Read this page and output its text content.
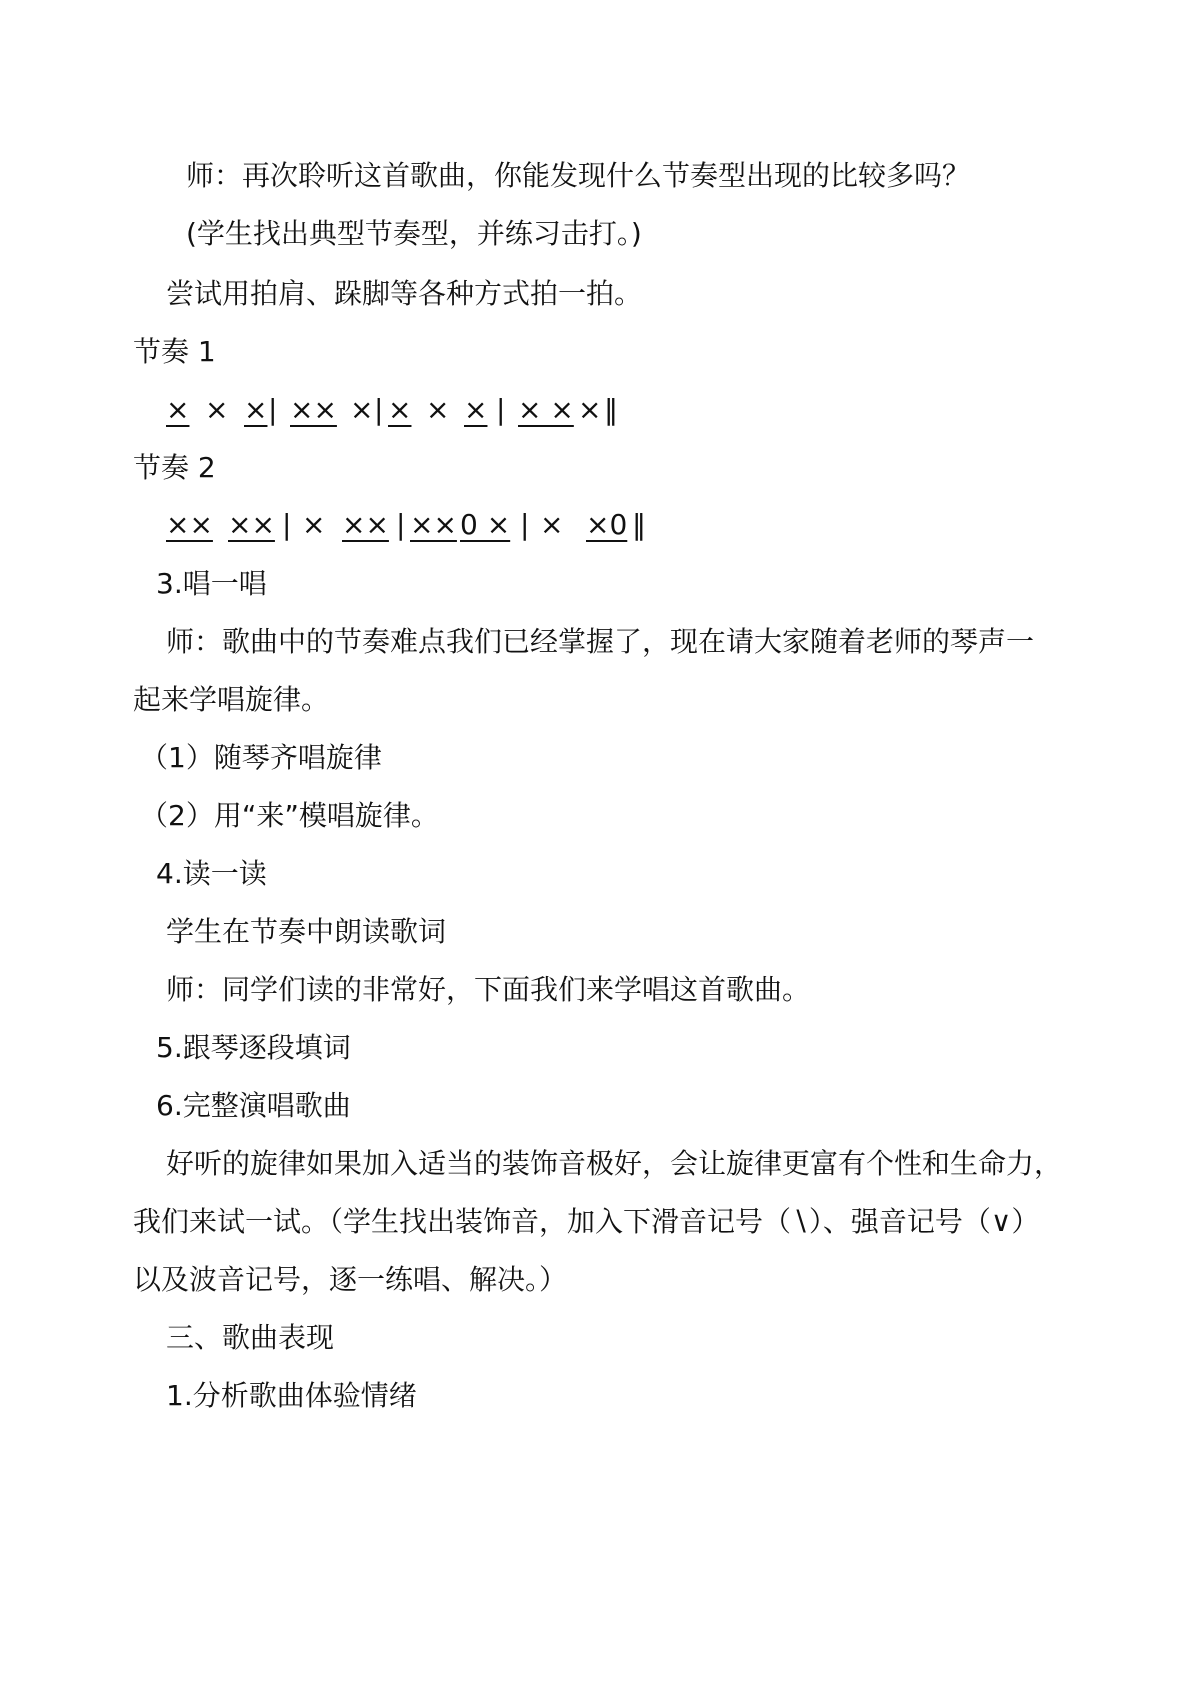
师：再次聆听这首歌曲，你能发现什么节奏型出现的比较多吗？
(学生找出典型节奏型，并练习击打。)
尝试用拍肩、跺脚等各种方式拍一拍。
节奏 1
× × × | ×× × | × × × | × × × ‖
节奏 2
×× ×× | × ×× | ×× 0 × | × ×0 ‖
3.唱一唱
师：歌曲中的节奏难点我们已经掌握了，现在请大家随着老师的琴声一
起来学唱旋律。
（1）随琴齐唱旋律
（2）用“来”模唱旋律。
4.读一读
学生在节奏中朗读歌词
师：同学们读的非常好，下面我们来学唱这首歌曲。
5.跟琴逐段填词
6.完整演唱歌曲
好听的旋律如果加入适当的装饰音极好，会让旋律更富有个性和生命力，
我们来试一试。（学生找出装饰音，加入下滑音记号（∖）、强音记号（∨）
以及波音记号，逐一练唱、解决。）
三、歌曲表现
1.分析歌曲体验情绪
